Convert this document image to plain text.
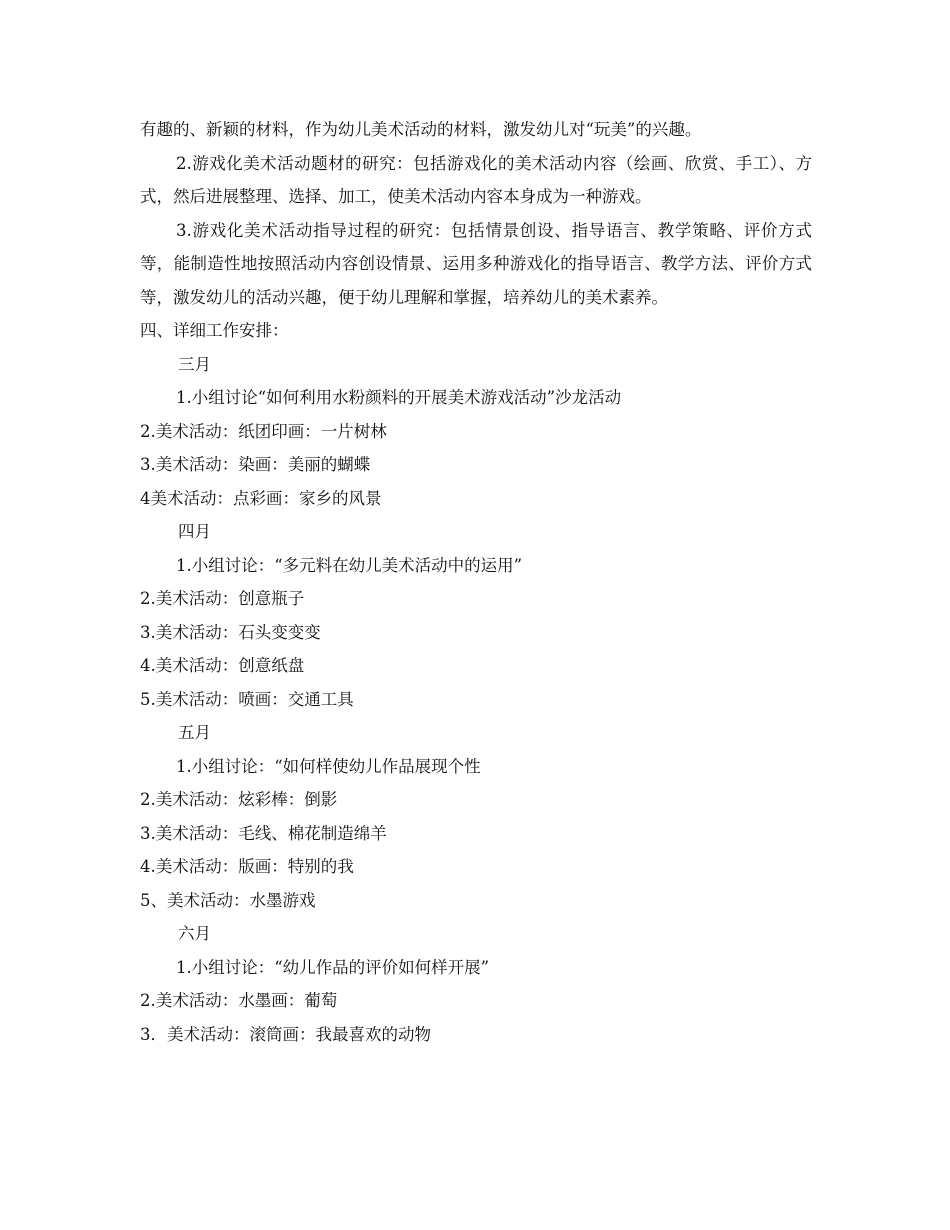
有趣的、新颖的材料，作为幼儿美术活动的材料，激发幼儿对“玩美”的兴趣。

2.游戏化美术活动题材的研究：包括游戏化的美术活动内容（绘画、欣赏、手工）、方式，然后进展整理、选择、加工，使美术活动内容本身成为一种游戏。

3.游戏化美术活动指导过程的研究：包括情景创设、指导语言、教学策略、评价方式等，能制造性地按照活动内容创设情景、运用多种游戏化的指导语言、教学方法、评价方式等，激发幼儿的活动兴趣，便于幼儿理解和掌握，培养幼儿的美术素养。

四、详细工作安排：
三月
1.小组讨论“如何利用水粉颜料的开展美术游戏活动”沙龙活动
2.美术活动：纸团印画：一片树林
3.美术活动：染画：美丽的蝴蝶
4美术活动：点彩画：家乡的风景
四月
1.小组讨论：“多元料在幼儿美术活动中的运用”
2.美术活动：创意瓶子
3.美术活动：石头变变变
4.美术活动：创意纸盘
5.美术活动：喷画：交通工具
五月
1.小组讨论：“如何样使幼儿作品展现个性
2.美术活动：炫彩棒：倒影
3.美术活动：毛线、棉花制造绵羊
4.美术活动：版画：特别的我
5、美术活动：水墨游戏
六月
1.小组讨论：“幼儿作品的评价如何样开展”
2.美术活动：水墨画：葡萄
3．美术活动：滚筒画：我最喜欢的动物
